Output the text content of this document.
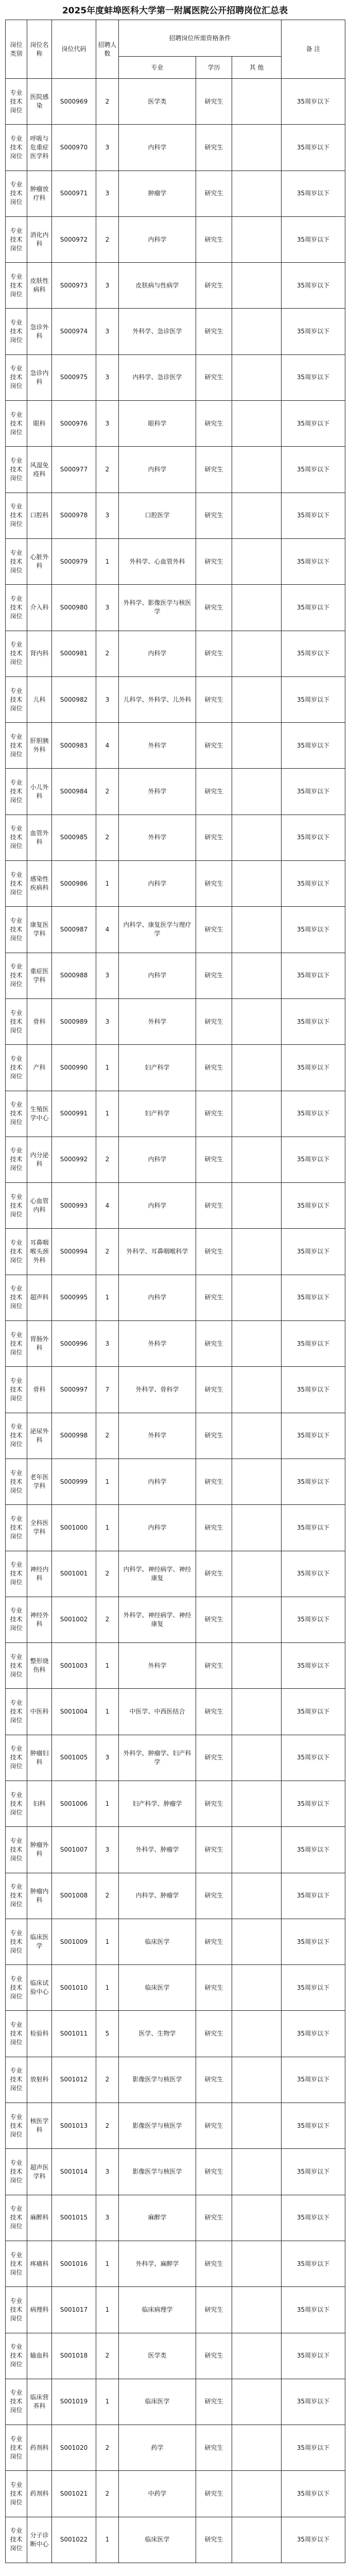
2025年度蚌埠医科大学第一附属医院公开招聘岗位汇总表
岗位类别	岗位名称	岗位代码	招聘人数	招聘岗位所需资格条件			备 注
				专业	学历	其 他	
专业技术岗位	医院感染	S000969	2	医学类	研究生		35周岁以下
专业技术岗位	呼吸与危重症医学科	S000970	3	内科学	研究生		35周岁以下
专业技术岗位	肿瘤放疗科	S000971	3	肿瘤学	研究生		35周岁以下
专业技术岗位	消化内科	S000972	2	内科学	研究生		35周岁以下
专业技术岗位	皮肤性病科	S000973	3	皮肤病与性病学	研究生		35周岁以下
专业技术岗位	急诊外科	S000974	3	外科学、急诊医学	研究生		35周岁以下
专业技术岗位	急诊内科	S000975	3	内科学、急诊医学	研究生		35周岁以下
专业技术岗位	眼科	S000976	3	眼科学	研究生		35周岁以下
专业技术岗位	风湿免疫科	S000977	2	内科学	研究生		35周岁以下
专业技术岗位	口腔科	S000978	3	口腔医学	研究生		35周岁以下
专业技术岗位	心脏外科	S000979	1	外科学、心血管外科	研究生		35周岁以下
专业技术岗位	介入科	S000980	3	外科学、影像医学与核医学	研究生		35周岁以下
专业技术岗位	肾内科	S000981	2	内科学	研究生		35周岁以下
专业技术岗位	儿科	S000982	3	儿科学、外科学、儿外科	研究生		35周岁以下
专业技术岗位	肝胆胰外科	S000983	4	外科学	研究生		35周岁以下
专业技术岗位	小儿外科	S000984	2	外科学	研究生		35周岁以下
专业技术岗位	血管外科	S000985	2	外科学	研究生		35周岁以下
专业技术岗位	感染性疾病科	S000986	1	内科学	研究生		35周岁以下
专业技术岗位	康复医学科	S000987	4	内科学、康复医学与理疗学	研究生		35周岁以下
专业技术岗位	重症医学科	S000988	3	内科学	研究生		35周岁以下
专业技术岗位	骨科	S000989	3	外科学	研究生		35周岁以下
专业技术岗位	产科	S000990	1	妇产科学	研究生		35周岁以下
专业技术岗位	生殖医学中心	S000991	1	妇产科学	研究生		35周岁以下
专业技术岗位	内分泌科	S000992	2	内科学	研究生		35周岁以下
专业技术岗位	心血管内科	S000993	4	内科学	研究生		35周岁以下
专业技术岗位	耳鼻咽喉头颈外科	S000994	2	外科学、耳鼻咽喉科学	研究生		35周岁以下
专业技术岗位	超声科	S000995	1	内科学	研究生		35周岁以下
专业技术岗位	胃肠外科	S000996	3	外科学	研究生		35周岁以下
专业技术岗位	骨科	S000997	7	外科学、骨科学	研究生		35周岁以下
专业技术岗位	泌尿外科	S000998	2	外科学	研究生		35周岁以下
专业技术岗位	老年医学科	S000999	1	内科学	研究生		35周岁以下
专业技术岗位	全科医学科	S001000	1	内科学	研究生		35周岁以下
专业技术岗位	神经内科	S001001	2	内科学、神经病学、神经康复	研究生		35周岁以下
专业技术岗位	神经外科	S001002	2	外科学、神经病学、神经康复	研究生		35周岁以下
专业技术岗位	整形烧伤科	S001003	1	外科学	研究生		35周岁以下
专业技术岗位	中医科	S001004	1	中医学、中西医结合	研究生		35周岁以下
专业技术岗位	肿瘤妇科	S001005	3	外科学、肿瘤学、妇产科学	研究生		35周岁以下
专业技术岗位	妇科	S001006	1	妇产科学、肿瘤学	研究生		35周岁以下
专业技术岗位	肿瘤外科	S001007	3	外科学、肿瘤学	研究生		35周岁以下
专业技术岗位	肿瘤内科	S001008	2	内科学、肿瘤学	研究生		35周岁以下
专业技术岗位	临床医学	S001009	1	临床医学	研究生		35周岁以下
专业技术岗位	临床试验中心	S001010	1	临床医学	研究生		35周岁以下
专业技术岗位	检验科	S001011	5	医学、生物学	研究生		35周岁以下
专业技术岗位	放射科	S001012	2	影像医学与核医学	研究生		35周岁以下
专业技术岗位	核医学科	S001013	2	影像医学与核医学	研究生		35周岁以下
专业技术岗位	超声医学科	S001014	3	影像医学与核医学	研究生		35周岁以下
专业技术岗位	麻醉科	S001015	3	麻醉学	研究生		35周岁以下
专业技术岗位	疼痛科	S001016	1	外科学、麻醉学	研究生		35周岁以下
专业技术岗位	病理科	S001017	1	临床病理学	研究生		35周岁以下
专业技术岗位	输血科	S001018	2	医学类	研究生		35周岁以下
专业技术岗位	临床营养科	S001019	1	临床医学	研究生		35周岁以下
专业技术岗位	药剂科	S001020	2	药学	研究生		35周岁以下
专业技术岗位	药剂科	S001021	2	中药学	研究生		35周岁以下
专业技术岗位	分子诊断中心	S001022	1	临床医学	研究生		35周岁以下
